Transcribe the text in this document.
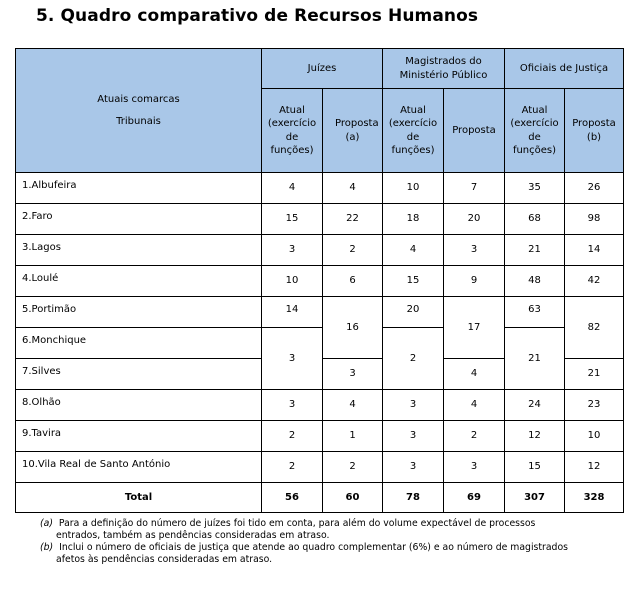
5. Quadro comparativo de Recursos Humanos
Atuais comarcas
Tribunais	Juízes		Magistrados do Ministério Público		Oficiais de Justiça	

	Atual (exercício de funções)	Proposta (a)	Atual (exercício de funções)	Proposta	Atual (exercício de funções)	Proposta (b)

1.Albufeira	4	4	10	7	35	26
2.Faro	15	22	18	20	68	98
3.Lagos	3	2	4	3	21	14
4.Loulé	10	6	15	9	48	42
5.Portimão	14	16	20	17	63	82
6.Monchique	3		2		21	
7.Silves		3		4		21
8.Olhão	3	4	3	4	24	23
9.Tavira	2	1	3	2	12	10
10.Vila Real de Santo António	2	2	3	3	15	12
Total	56	60	78	69	307	328
(a) Para a definição do número de juízes foi tido em conta, para além do volume expectável de processos
entrados, também as pendências consideradas em atraso.
(b) Inclui o número de oficiais de justiça que atende ao quadro complementar (6%) e ao número de magistrados
afetos às pendências consideradas em atraso.
